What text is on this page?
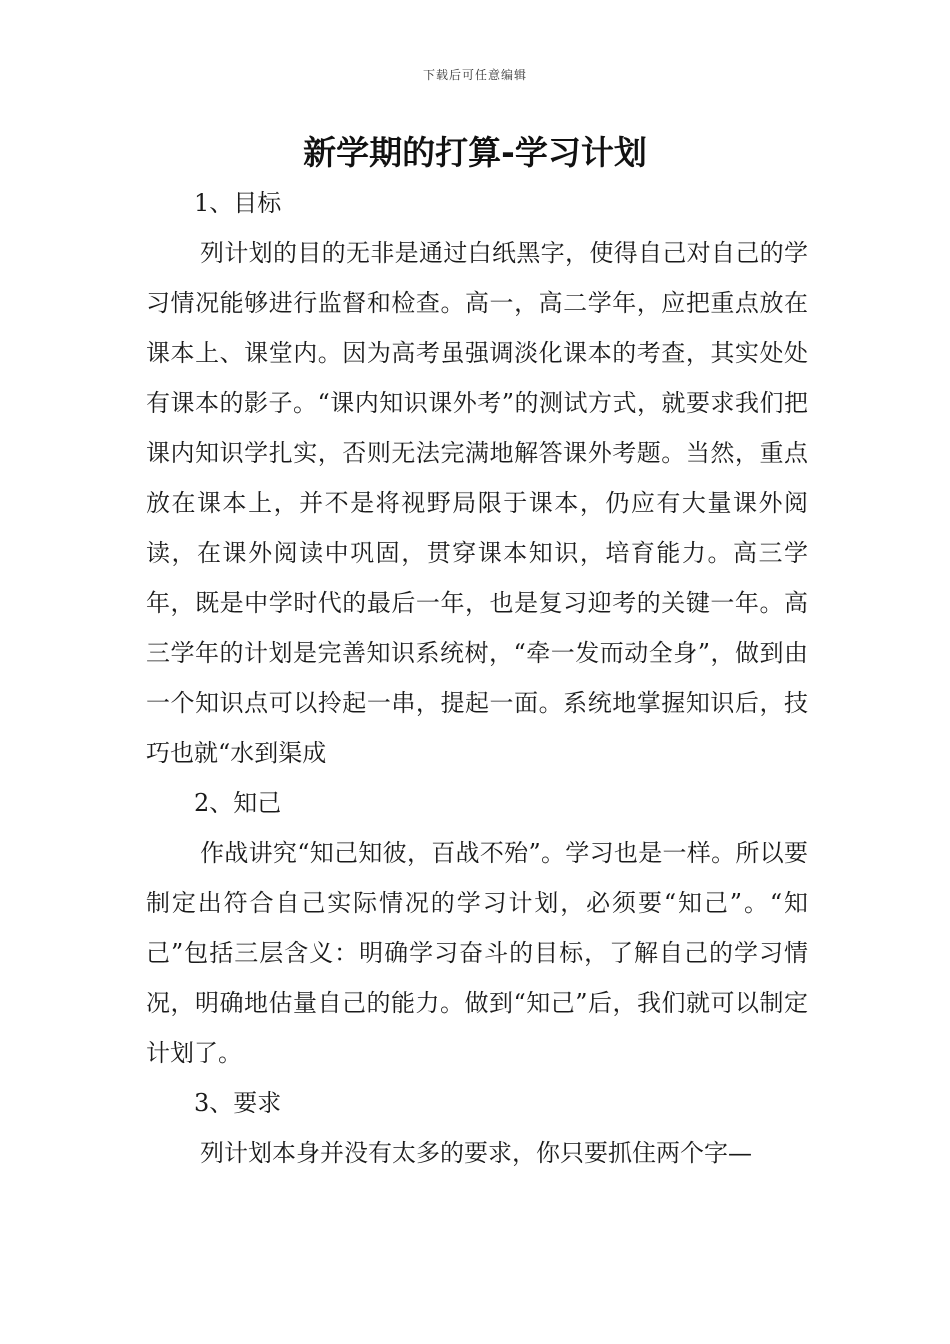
下载后可任意编辑
新学期的打算-学习计划

1、目标

列计划的目的无非是通过白纸黑字，使得自己对自己的学习情况能够进行监督和检查。高一，高二学年，应把重点放在课本上、课堂内。因为高考虽强调淡化课本的考查，其实处处有课本的影子。“课内知识课外考”的测试方式，就要求我们把课内知识学扎实，否则无法完满地解答课外考题。当然，重点放在课本上，并不是将视野局限于课本，仍应有大量课外阅读，在课外阅读中巩固，贯穿课本知识，培育能力。高三学年，既是中学时代的最后一年，也是复习迎考的关键一年。高三学年的计划是完善知识系统树，“牵一发而动全身”，做到由一个知识点可以拎起一串，提起一面。系统地掌握知识后，技巧也就“水到渠成

2、知己

作战讲究“知己知彼，百战不殆”。学习也是一样。所以要制定出符合自己实际情况的学习计划，必须要“知己”。“知己”包括三层含义：明确学习奋斗的目标，了解自己的学习情况，明确地估量自己的能力。做到“知己”后，我们就可以制定计划了。

3、要求

列计划本身并没有太多的要求，你只要抓住两个字—
